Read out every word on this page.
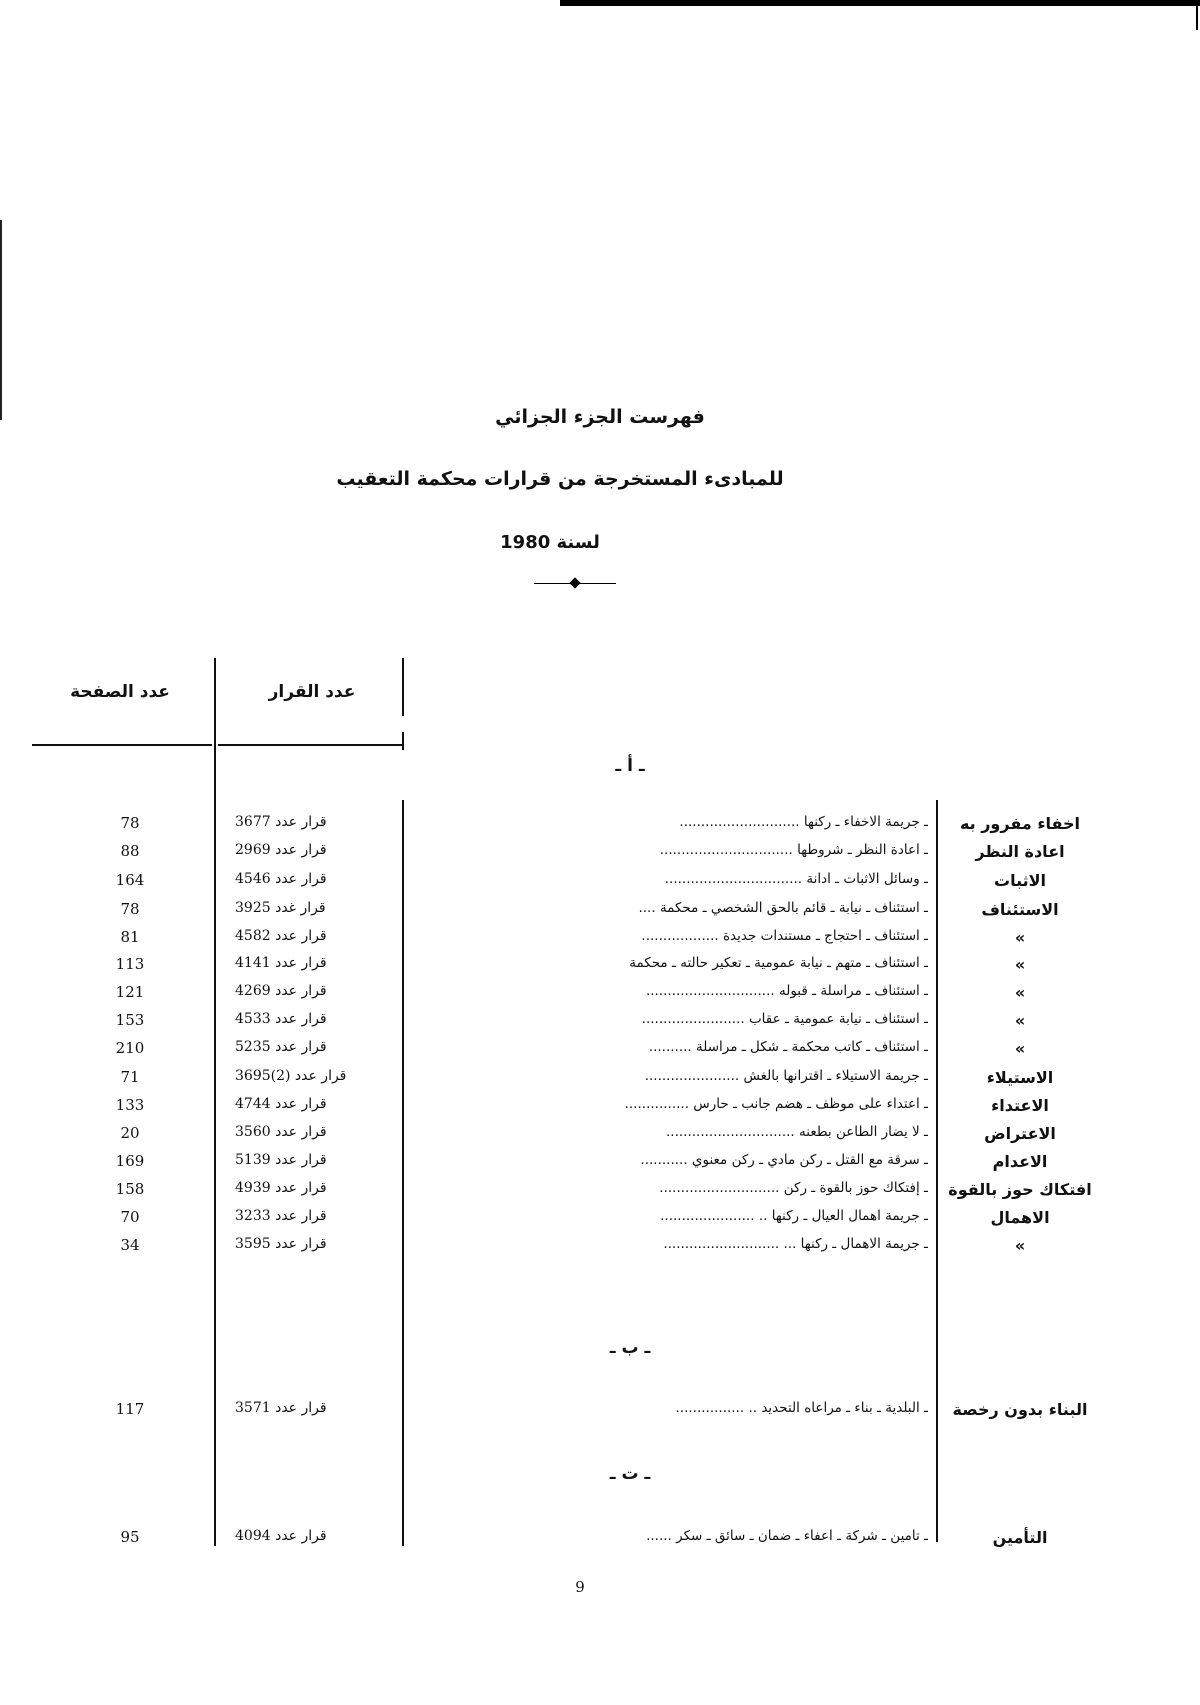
فهرست الجزء الجزائي
للمبادىء المستخرجة من قرارات محكمة التعقيب
لسنة 1980
عدد الصفحة	عدد القرار
ـ أ ـ
ـ ب ـ
ـ ت ـ
78	قرار عدد 3677	ـ جريمة الاخفاء ـ ركنها ............................	اخفاء مفرور به
88	قرار عدد 2969	ـ اعادة النظر ـ شروطها ...............................	اعادة النظر
164	قرار عدد 4546	ـ وسائل الاثبات ـ ادانة ................................	الاثبات
78	قرار غدد 3925	ـ استئناف ـ نيابة ـ قائم بالحق الشخصي ـ محكمة ....	الاستئناف
81	قرار عدد 4582	ـ استئناف ـ احتجاج ـ مستندات جديدة ..................	»
113	قرار عدد 4141	ـ استئناف ـ متهم ـ نيابة عمومية ـ تعكير حالته ـ محكمة	»
121	قرار عدد 4269	ـ استئناف ـ مراسلة ـ قبوله ..............................	»
153	قرار عدد 4533	ـ استئناف ـ نيابة عمومية ـ عقاب ........................	»
210	قرار عدد 5235	ـ استئناف ـ كاتب محكمة ـ شكل ـ مراسلة ..........	»
71	قرار عدد 3695(2)	ـ جريمة الاستيلاء ـ اقترانها بالغش ......................	الاستيلاء
133	قرار عدد 4744	ـ اعتداء على موظف ـ هضم جانب ـ حارس ...............	الاعتداء
20	قرار عدد 3560	ـ لا يضار الطاعن بطعنه ..............................	الاعتراض
169	قرار عدد 5139	ـ سرقة مع القتل ـ ركن مادي ـ ركن معنوي ...........	الاعدام
158	قرار عدد 4939	ـ إفتكاك حوز بالقوة ـ ركن ............................	افتكاك حوز بالقوة
70	قرار عدد 3233	ـ جريمة اهمال العيال ـ ركنها .. ......................	الاهمال
34	قرار عدد 3595	ـ جريمة الاهمال ـ ركنها ... ...........................	»
117	قرار عدد 3571	ـ البلدية ـ بناء ـ مراعاه التحديد .. ................	البناء بدون رخصة
95	قرار عدد 4094	ـ تامين ـ شركة ـ اعفاء ـ ضمان ـ سائق ـ سكر ......	التأمين
9
